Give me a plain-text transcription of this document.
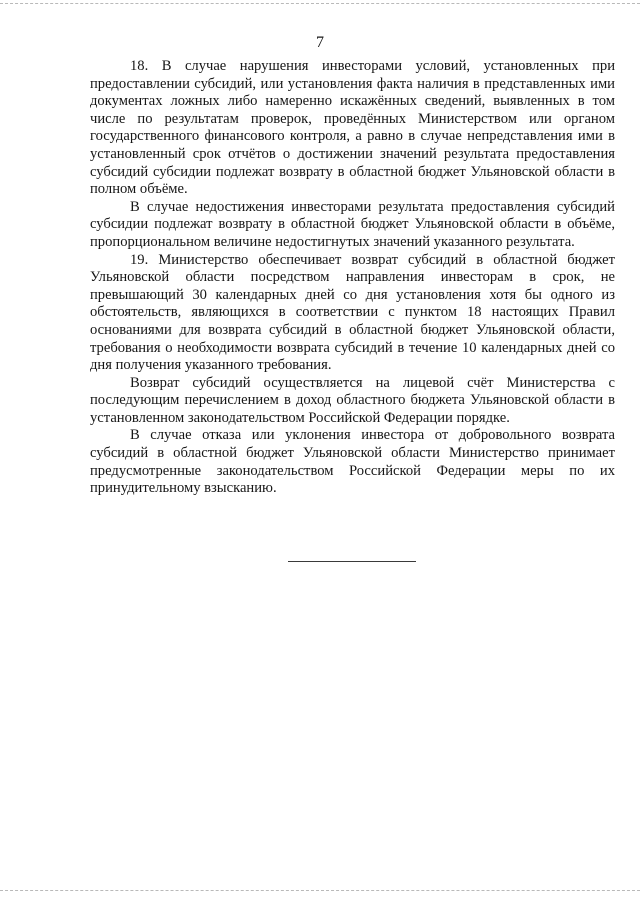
7

18. В случае нарушения инвесторами условий, установленных при предоставлении субсидий, или установления факта наличия в представленных ими документах ложных либо намеренно искажённых сведений, выявленных в том числе по результатам проверок, проведённых Министерством или органом государственного финансового контроля, а равно в случае непредставления ими в установленный срок отчётов о достижении значений результата предоставления субсидий субсидии подлежат возврату в областной бюджет Ульяновской области в полном объёме.

В случае недостижения инвесторами результата предоставления субсидий субсидии подлежат возврату в областной бюджет Ульяновской области в объёме, пропорциональном величине недостигнутых значений указанного результата.

19. Министерство обеспечивает возврат субсидий в областной бюджет Ульяновской области посредством направления инвесторам в срок, не превышающий 30 календарных дней со дня установления хотя бы одного из обстоятельств, являющихся в соответствии с пунктом 18 настоящих Правил основаниями для возврата субсидий в областной бюджет Ульяновской области, требования о необходимости возврата субсидий в течение 10 календарных дней со дня получения указанного требования.

Возврат субсидий осуществляется на лицевой счёт Министерства с последующим перечислением в доход областного бюджета Ульяновской области в установленном законодательством Российской Федерации порядке.

В случае отказа или уклонения инвестора от добровольного возврата субсидий в областной бюджет Ульяновской области Министерство принимает предусмотренные законодательством Российской Федерации меры по их принудительному взысканию.
